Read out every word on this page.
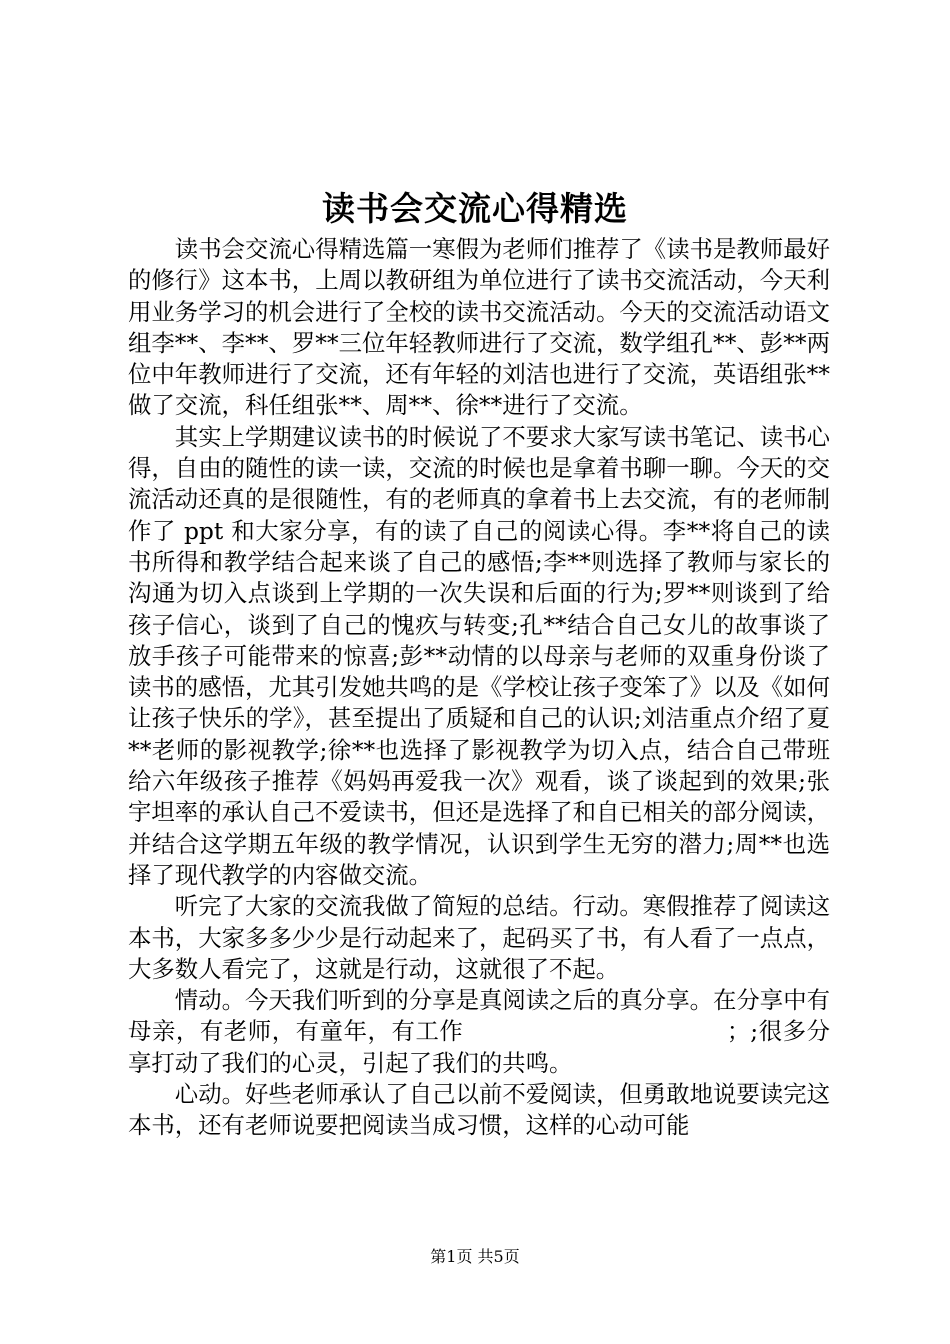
读书会交流心得精选

读书会交流心得精选篇一寒假为老师们推荐了《读书是教师最好的修行》这本书，上周以教研组为单位进行了读书交流活动，今天利用业务学习的机会进行了全校的读书交流活动。今天的交流活动语文组李**、李**、罗**三位年轻教师进行了交流，数学组孔**、彭**两位中年教师进行了交流，还有年轻的刘洁也进行了交流，英语组张**做了交流，科任组张**、周**、徐**进行了交流。

其实上学期建议读书的时候说了不要求大家写读书笔记、读书心得，自由的随性的读一读，交流的时候也是拿着书聊一聊。今天的交流活动还真的是很随性，有的老师真的拿着书上去交流，有的老师制作了 ppt 和大家分享，有的读了自己的阅读心得。李**将自己的读书所得和教学结合起来谈了自己的感悟;李**则选择了教师与家长的沟通为切入点谈到上学期的一次失误和后面的行为;罗**则谈到了给孩子信心，谈到了自己的愧疚与转变;孔**结合自己女儿的故事谈了放手孩子可能带来的惊喜;彭**动情的以母亲与老师的双重身份谈了读书的感悟，尤其引发她共鸣的是《学校让孩子变笨了》以及《如何让孩子快乐的学》，甚至提出了质疑和自己的认识;刘洁重点介绍了夏**老师的影视教学;徐**也选择了影视教学为切入点，结合自己带班给六年级孩子推荐《妈妈再爱我一次》观看，谈了谈起到的效果;张宇坦率的承认自己不爱读书，但还是选择了和自已相关的部分阅读，并结合这学期五年级的教学情况，认识到学生无穷的潜力;周**也选择了现代教学的内容做交流。

听完了大家的交流我做了简短的总结。行动。寒假推荐了阅读这本书，大家多多少少是行动起来了，起码买了书，有人看了一点点，大多数人看完了，这就是行动，这就很了不起。

情动。今天我们听到的分享是真阅读之后的真分享。在分享中有母亲，有老师，有童年，有工作　　　　　　　　　　　；;很多分享打动了我们的心灵，引起了我们的共鸣。

心动。好些老师承认了自己以前不爱阅读，但勇敢地说要读完这本书，还有老师说要把阅读当成习惯，这样的心动可能

第1页 共5页
